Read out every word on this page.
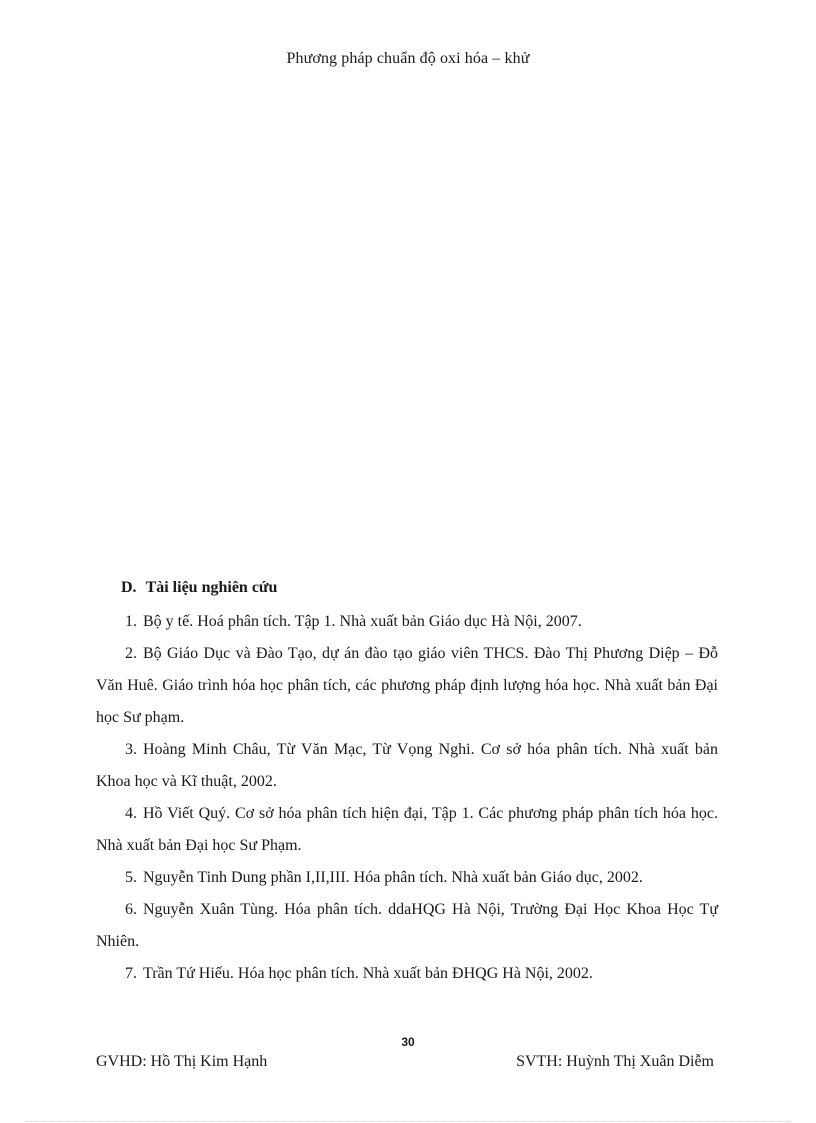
Phương pháp chuẩn độ oxi hóa – khử
D. Tài liệu nghiên cứu

1. Bộ y tế. Hoá phân tích. Tập 1. Nhà xuất bản Giáo dục Hà Nội, 2007.

2. Bộ Giáo Dục và Đào Tạo, dự án đào tạo giáo viên THCS. Đào Thị Phương Diệp – Đỗ Văn Huê. Giáo trình hóa học phân tích, các phương pháp định lượng hóa học. Nhà xuất bản Đại học Sư phạm.

3. Hoàng Minh Châu, Từ Văn Mạc, Từ Vọng Nghi. Cơ sở hóa phân tích. Nhà xuất bản Khoa học và Kĩ thuật, 2002.

4. Hồ Viết Quý. Cơ sở hóa phân tích hiện đại, Tập 1. Các phương pháp phân tích hóa học. Nhà xuất bản Đại học Sư Phạm.

5. Nguyễn Tinh Dung phần I,II,III. Hóa phân tích. Nhà xuất bản Giáo dục, 2002.

6. Nguyễn Xuân Tùng. Hóa phân tích. ddaHQG Hà Nội, Trường Đại Học Khoa Học Tự Nhiên.

7. Trần Tứ Hiếu. Hóa học phân tích. Nhà xuất bản ĐHQG Hà Nội, 2002.

30
GVHD: Hồ Thị Kim Hạnh	SVTH: Huỳnh Thị Xuân Diễm
